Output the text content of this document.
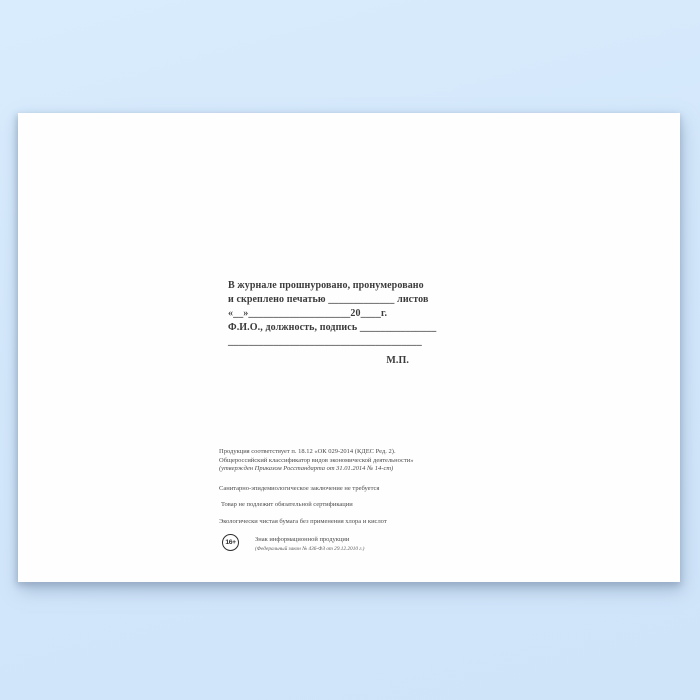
В журнале прошнуровано, пронумеровано
и скреплено печатью _____________ листов
«__»____________________20____г.
Ф.И.О., должность, подпись _______________
______________________________________
М.П.
Продукция соответствует п. 18.12 «ОК 029-2014 (КДЕС Ред. 2).
Общероссийский классификатор видов экономической деятельности»
(утвержден Приказом Росстандарта от 31.01.2014 № 14-ст)
Санитарно-эпидемиологическое заключение не требуется
Товар не подлежит обязательной сертификации
Экологически чистая бумага без применения хлора и кислот
16+	Знак информационной продукции
(Федеральный закон № 436-ФЗ от 29.12.2010 г.)
